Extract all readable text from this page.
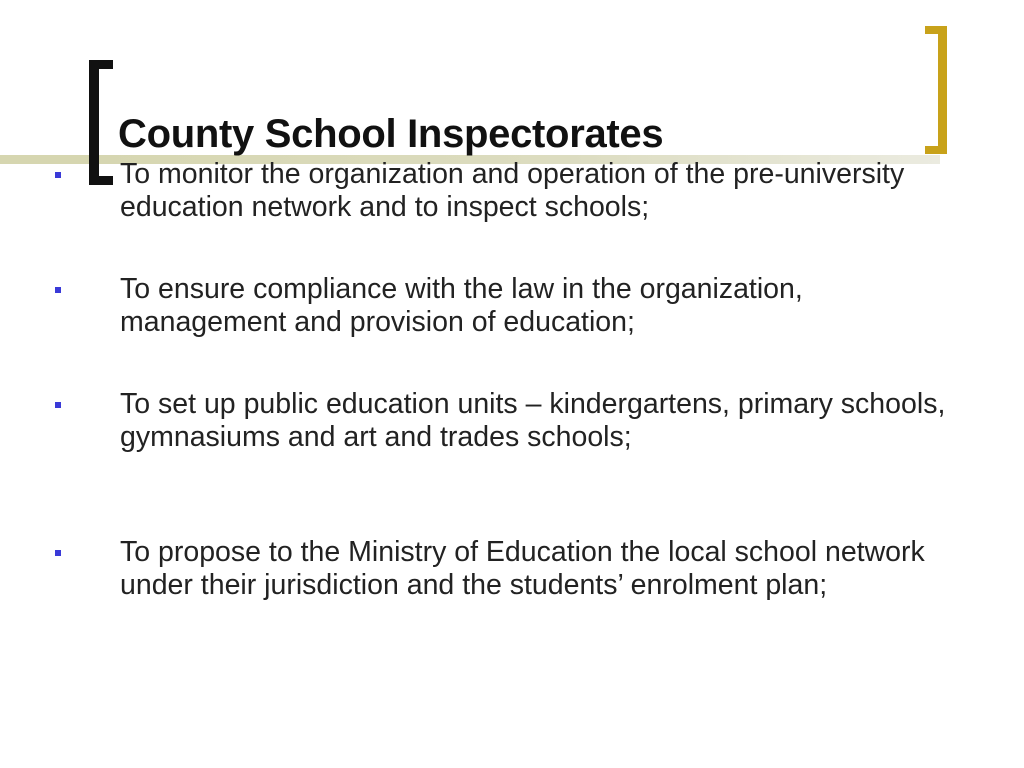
County School Inspectorates
To monitor the organization and operation of the pre-university education network and to inspect schools;
To ensure compliance with the law in the organization, management and provision of education;
To set up public education units – kindergartens, primary schools, gymnasiums and art and trades schools;
To propose to the Ministry of Education the local school network under their jurisdiction and the students’ enrolment plan;
